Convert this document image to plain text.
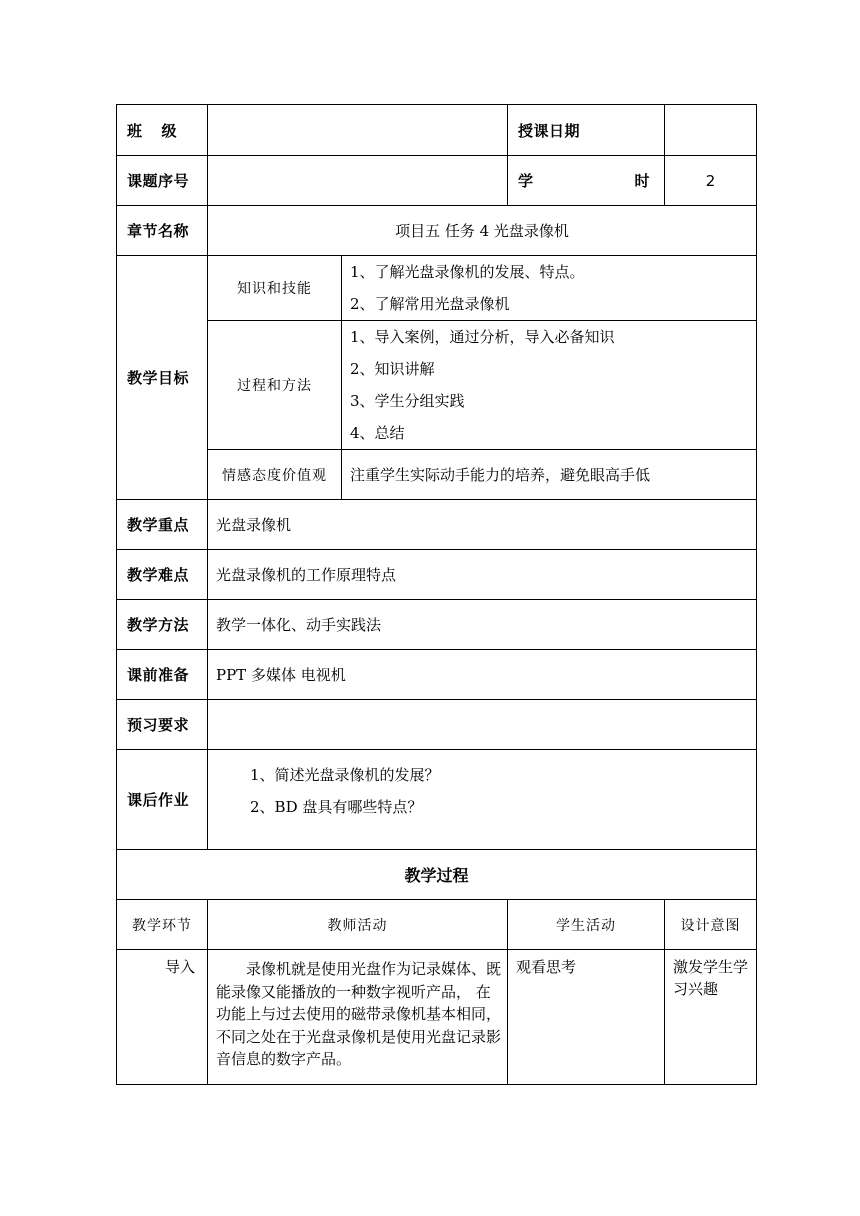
班 级			授课日期	
课题序号			学 时	2
章节名称	项目五 任务 4 光盘录像机			
教学目标	知识和技能	1、了解光盘录像机的发展、特点。
2、了解常用光盘录像机		

	过程和方法	1、导入案例，通过分析，导入必备知识
2、知识讲解
3、学生分组实践
4、总结		

	情感态度价值观	注重学生实际动手能力的培养，避免眼高手低		
教学重点	光盘录像机			
教学难点	光盘录像机的工作原理特点			
教学方法	教学一体化、动手实践法			
课前准备	PPT 多媒体 电视机			
预习要求				
课后作业	1、简述光盘录像机的发展？
2、BD 盘具有哪些特点？			

教学过程				
教学环节	教师活动		学生活动	设计意图
导入	录像机就是使用光盘作为记录媒体、既能录像又能播放的一种数字视听产品， 在功能上与过去使用的磁带录像机基本相同，不同之处在于光盘录像机是使用光盘记录影音信息的数字产品。		观看思考	激发学生学习兴趣
